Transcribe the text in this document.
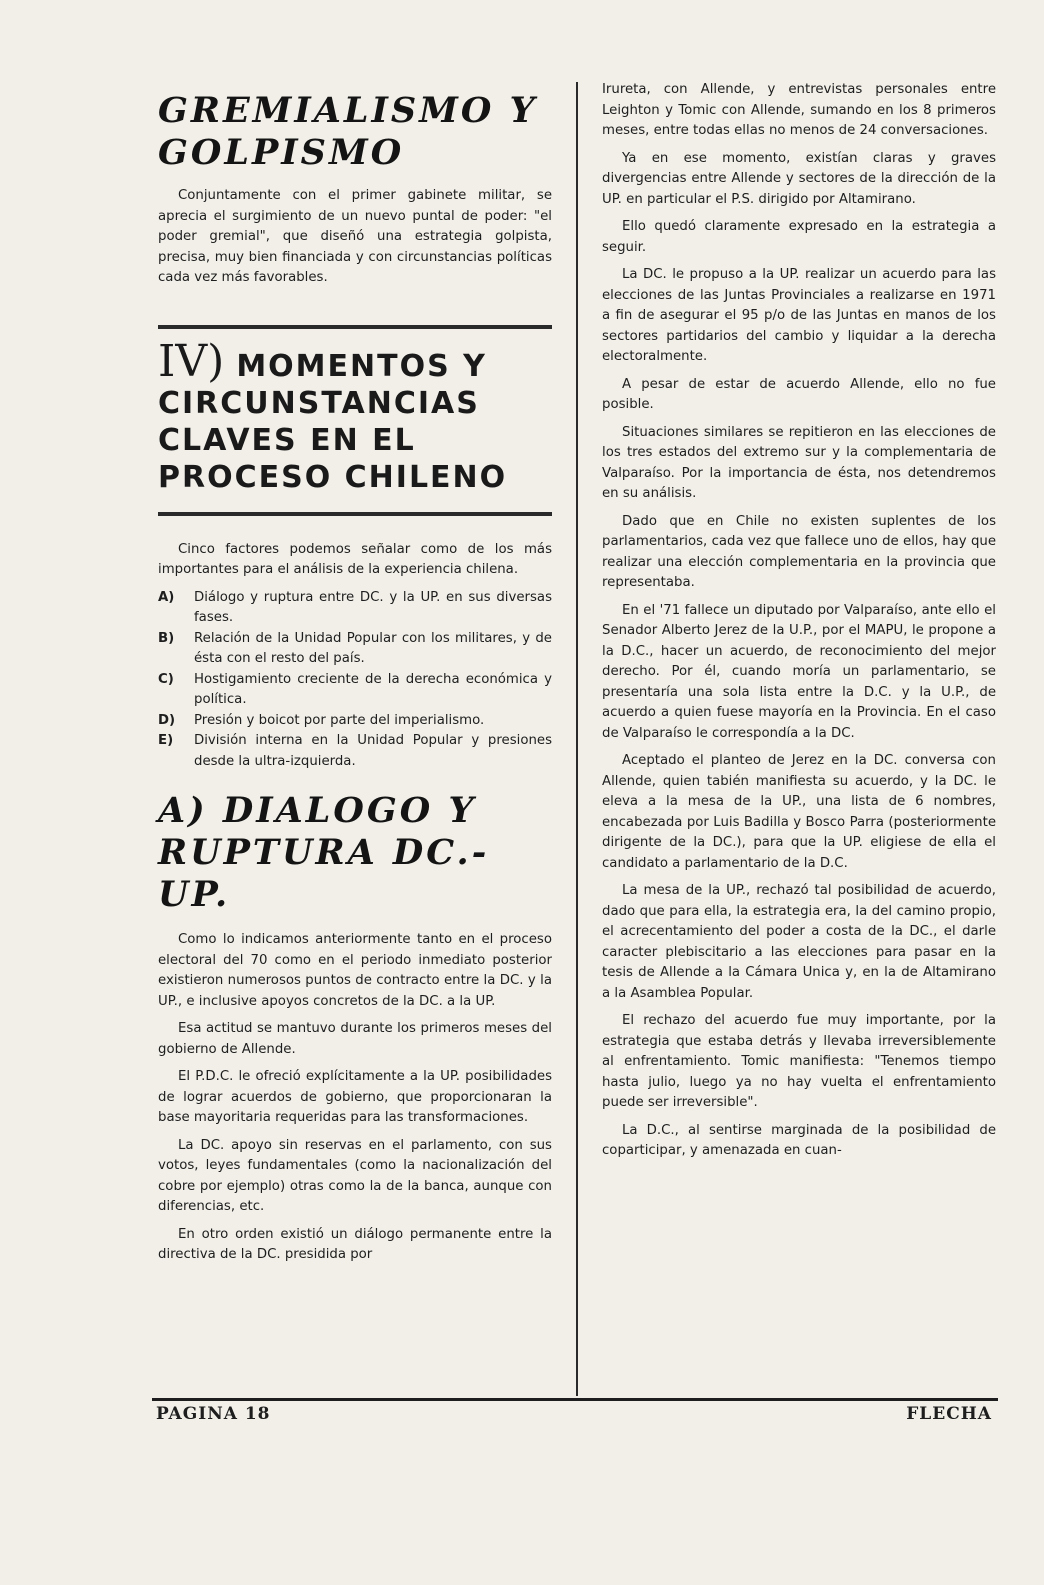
GREMIALISMO Y
GOLPISMO

Conjuntamente con el primer gabinete militar, se aprecia el surgimiento de un nuevo puntal de poder: "el poder gremial", que diseñó una estrategia golpista, precisa, muy bien financiada y con circunstancias políticas cada vez más favorables.

IV) MOMENTOS Y
CIRCUNSTANCIAS
CLAVES EN EL
PROCESO CHILENO

Cinco factores podemos señalar como de los más importantes para el análisis de la experiencia chilena.

A) Diálogo y ruptura entre DC. y la UP. en sus diversas fases.
B) Relación de la Unidad Popular con los militares, y de ésta con el resto del país.
C) Hostigamiento creciente de la derecha económica y política.
D) Presión y boicot por parte del imperialismo.
E) División interna en la Unidad Popular y presiones desde la ultra-izquierda.
A) DIALOGO Y
RUPTURA DC.-UP.

Como lo indicamos anteriormente tanto en el proceso electoral del 70 como en el periodo inmediato posterior existieron numerosos puntos de contracto entre la DC. y la UP., e inclusive apoyos concretos de la DC. a la UP.

Esa actitud se mantuvo durante los primeros meses del gobierno de Allende.

El P.D.C. le ofreció explícitamente a la UP. posibilidades de lograr acuerdos de gobierno, que proporcionaran la base mayoritaria requeridas para las transformaciones.

La DC. apoyo sin reservas en el parlamento, con sus votos, leyes fundamentales (como la nacionalización del cobre por ejemplo) otras como la de la banca, aunque con diferencias, etc.

En otro orden existió un diálogo permanente entre la directiva de la DC. presidida por

Irureta, con Allende, y entrevistas personales entre Leighton y Tomic con Allende, sumando en los 8 primeros meses, entre todas ellas no menos de 24 conversaciones.

Ya en ese momento, existían claras y graves divergencias entre Allende y sectores de la dirección de la UP. en particular el P.S. dirigido por Altamirano.

Ello quedó claramente expresado en la estrategia a seguir.

La DC. le propuso a la UP. realizar un acuerdo para las elecciones de las Juntas Provinciales a realizarse en 1971 a fin de asegurar el 95 p/o de las Juntas en manos de los sectores partidarios del cambio y liquidar a la derecha electoralmente.

A pesar de estar de acuerdo Allende, ello no fue posible.

Situaciones similares se repitieron en las elecciones de los tres estados del extremo sur y la complementaria de Valparaíso. Por la importancia de ésta, nos detendremos en su análisis.

Dado que en Chile no existen suplentes de los parlamentarios, cada vez que fallece uno de ellos, hay que realizar una elección complementaria en la provincia que representaba.

En el '71 fallece un diputado por Valparaíso, ante ello el Senador Alberto Jerez de la U.P., por el MAPU, le propone a la D.C., hacer un acuerdo, de reconocimiento del mejor derecho. Por él, cuando moría un parlamentario, se presentaría una sola lista entre la D.C. y la U.P., de acuerdo a quien fuese mayoría en la Provincia. En el caso de Valparaíso le correspondía a la DC.

Aceptado el planteo de Jerez en la DC. conversa con Allende, quien tabién manifiesta su acuerdo, y la DC. le eleva a la mesa de la UP., una lista de 6 nombres, encabezada por Luis Badilla y Bosco Parra (posteriormente dirigente de la DC.), para que la UP. eligiese de ella el candidato a parlamentario de la D.C.

La mesa de la UP., rechazó tal posibilidad de acuerdo, dado que para ella, la estrategia era, la del camino propio, el acrecentamiento del poder a costa de la DC., el darle caracter plebiscitario a las elecciones para pasar en la tesis de Allende a la Cámara Unica y, en la de Altamirano a la Asamblea Popular.

El rechazo del acuerdo fue muy importante, por la estrategia que estaba detrás y llevaba irreversiblemente al enfrentamiento. Tomic manifiesta: "Tenemos tiempo hasta julio, luego ya no hay vuelta el enfrentamiento puede ser irreversible".

La D.C., al sentirse marginada de la posibilidad de coparticipar, y amenazada en cuan-

PAGINA 18	FLECHA
